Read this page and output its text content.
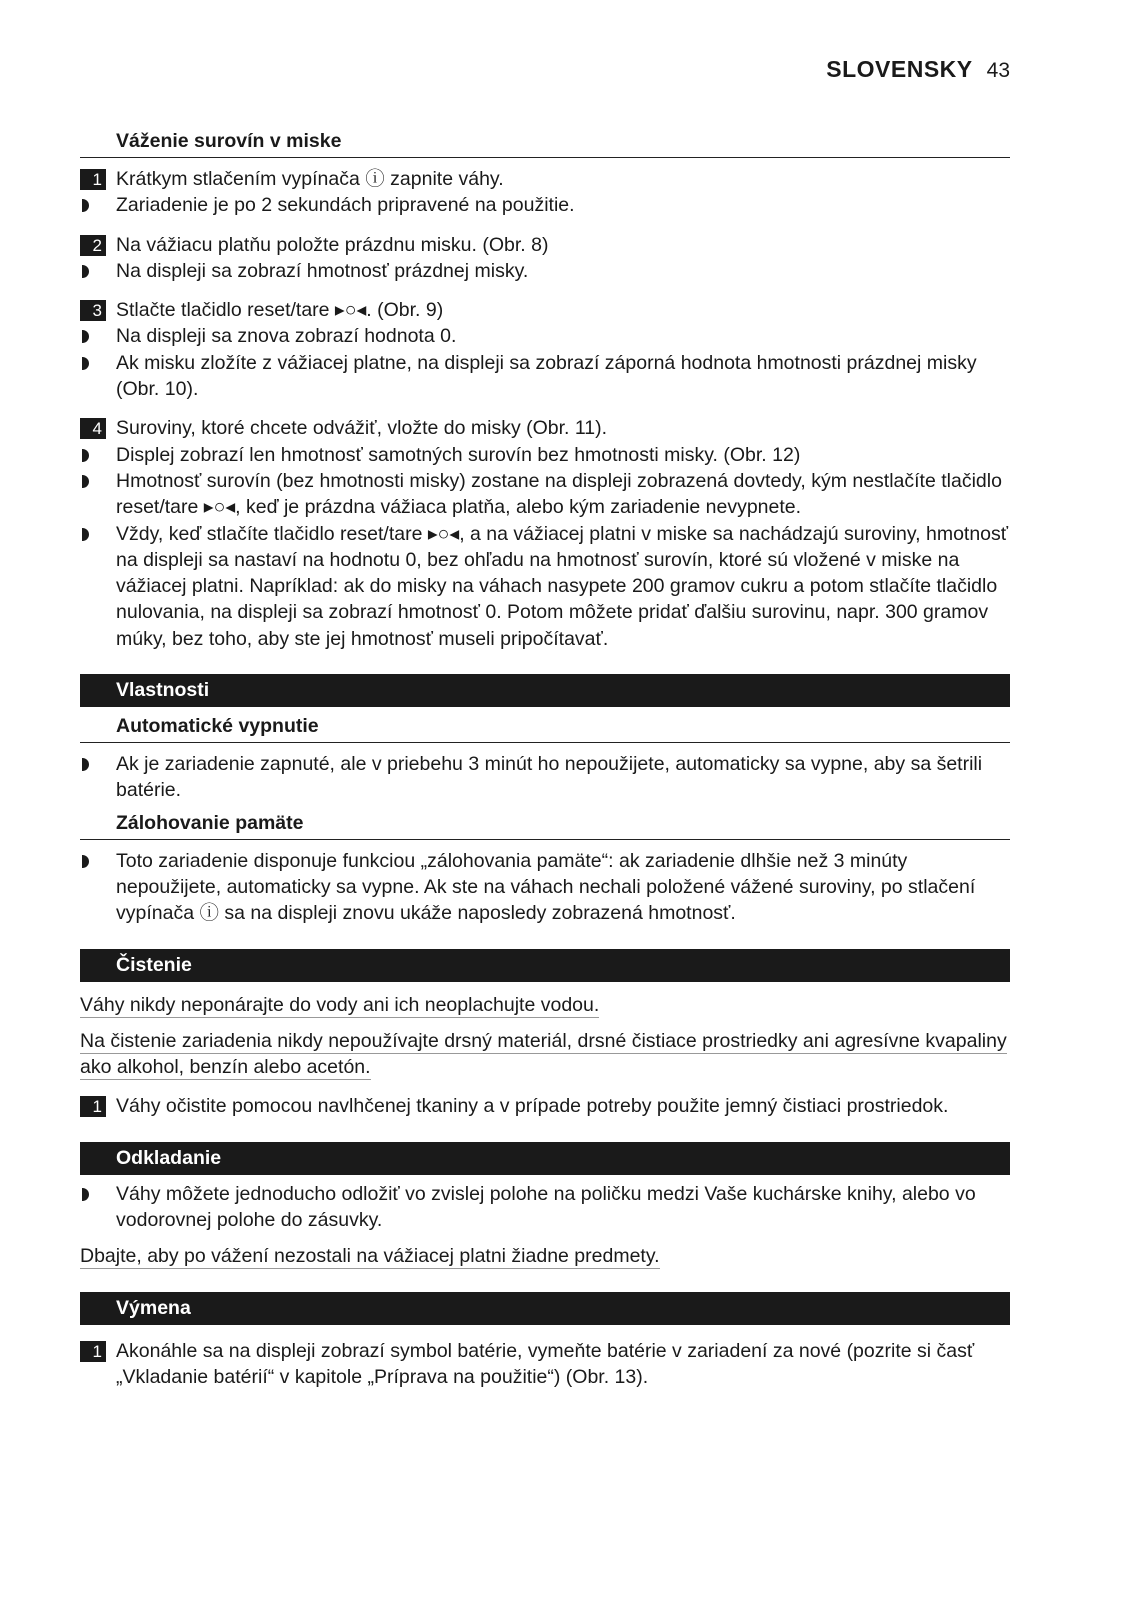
SLOVENSKY 43
Váženie surovín v miske
1 Krátkym stlačením vypínača ⓘ zapnite váhy.
Zariadenie je po 2 sekundách pripravené na použitie.
2 Na vážiacu platňu položte prázdnu misku. (Obr. 8)
Na displeji sa zobrazí hmotnosť prázdnej misky.
3 Stlačte tlačidlo reset/tare ▸○◂. (Obr. 9)
Na displeji sa znova zobrazí hodnota 0.
Ak misku zložíte z vážiacej platne, na displeji sa zobrazí záporná hodnota hmotnosti prázdnej misky (Obr. 10).
4 Suroviny, ktoré chcete odvážiť, vložte do misky (Obr. 11).
Displej zobrazí len hmotnosť samotných surovín bez hmotnosti misky. (Obr. 12)
Hmotnosť surovín (bez hmotnosti misky) zostane na displeji zobrazená dovtedy, kým nestlačíte tlačidlo reset/tare ▸○◂, keď je prázdna vážiaca platňa, alebo kým zariadenie nevypnete.
Vždy, keď stlačíte tlačidlo reset/tare ▸○◂, a na vážiacej platni v miske sa nachádzajú suroviny, hmotnosť na displeji sa nastaví na hodnotu 0, bez ohľadu na hmotnosť surovín, ktoré sú vložené v miske na vážiacej platni. Napríklad: ak do misky na váhach nasypete 200 gramov cukru a potom stlačíte tlačidlo nulovania, na displeji sa zobrazí hmotnosť 0. Potom môžete pridať ďalšiu surovinu, napr. 300 gramov múky, bez toho, aby ste jej hmotnosť museli pripočítavať.
Vlastnosti
Automatické vypnutie
Ak je zariadenie zapnuté, ale v priebehu 3 minút ho nepoužijete, automaticky sa vypne, aby sa šetrili batérie.
Zálohovanie pamäte
Toto zariadenie disponuje funkciou „zálohovania pamäte“: ak zariadenie dlhšie než 3 minúty nepoužijete, automaticky sa vypne. Ak ste na váhach nechali položené vážené suroviny, po stlačení vypínača ⓘ sa na displeji znovu ukáže naposledy zobrazená hmotnosť.
Čistenie
Váhy nikdy neponárajte do vody ani ich neoplachujte vodou.
Na čistenie zariadenia nikdy nepoužívajte drsný materiál, drsné čistiace prostriedky ani agresívne kvapaliny ako alkohol, benzín alebo acetón.
1 Váhy očistite pomocou navlhčenej tkaniny a v prípade potreby použite jemný čistiaci prostriedok.
Odkladanie
Váhy môžete jednoducho odložiť vo zvislej polohe na poličku medzi Vaše kuchárske knihy, alebo vo vodorovnej polohe do zásuvky.
Dbajte, aby po vážení nezostali na vážiacej platni žiadne predmety.
Výmena
1 Akonáhle sa na displeji zobrazí symbol batérie, vymeňte batérie v zariadení za nové (pozrite si časť „Vkladanie batérií“ v kapitole „Príprava na použitie“) (Obr. 13).
